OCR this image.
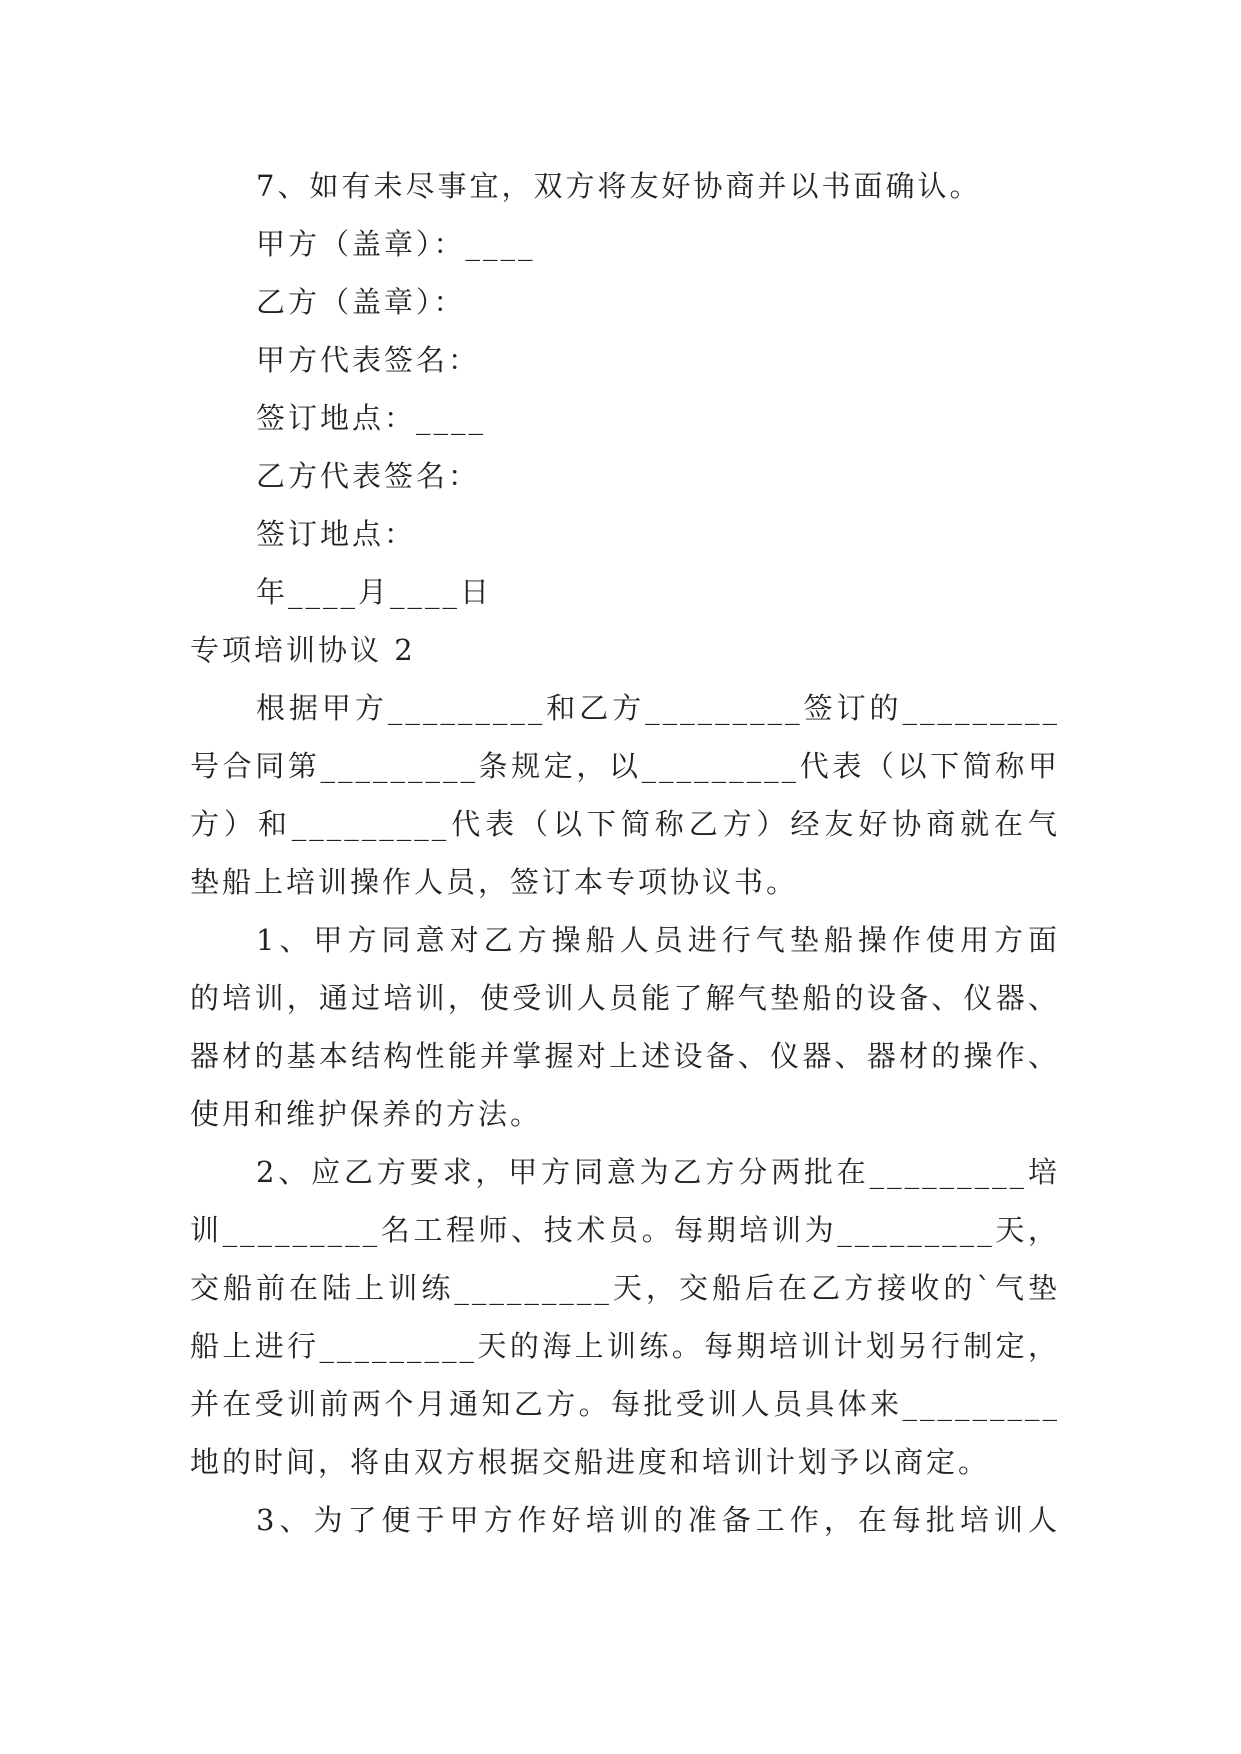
7、如有未尽事宜，双方将友好协商并以书面确认。
甲方（盖章）：____
乙方（盖章）：
甲方代表签名：
签订地点：____
乙方代表签名：
签订地点：
年____月____日
专项培训协议 2
根据甲方_________和乙方_________签订的_________
号合同第_________条规定，以_________代表（以下简称甲
方）和_________代表（以下简称乙方）经友好协商就在气
垫船上培训操作人员，签订本专项协议书。
1、甲方同意对乙方操船人员进行气垫船操作使用方面
的培训，通过培训，使受训人员能了解气垫船的设备、仪器、
器材的基本结构性能并掌握对上述设备、仪器、器材的操作、
使用和维护保养的方法。
2、应乙方要求，甲方同意为乙方分两批在_________培
训_________名工程师、技术员。每期培训为_________天，
交船前在陆上训练_________天，交船后在乙方接收的`气垫
船上进行_________天的海上训练。每期培训计划另行制定，
并在受训前两个月通知乙方。每批受训人员具体来_________
地的时间，将由双方根据交船进度和培训计划予以商定。
3、为了便于甲方作好培训的准备工作，在每批培训人
